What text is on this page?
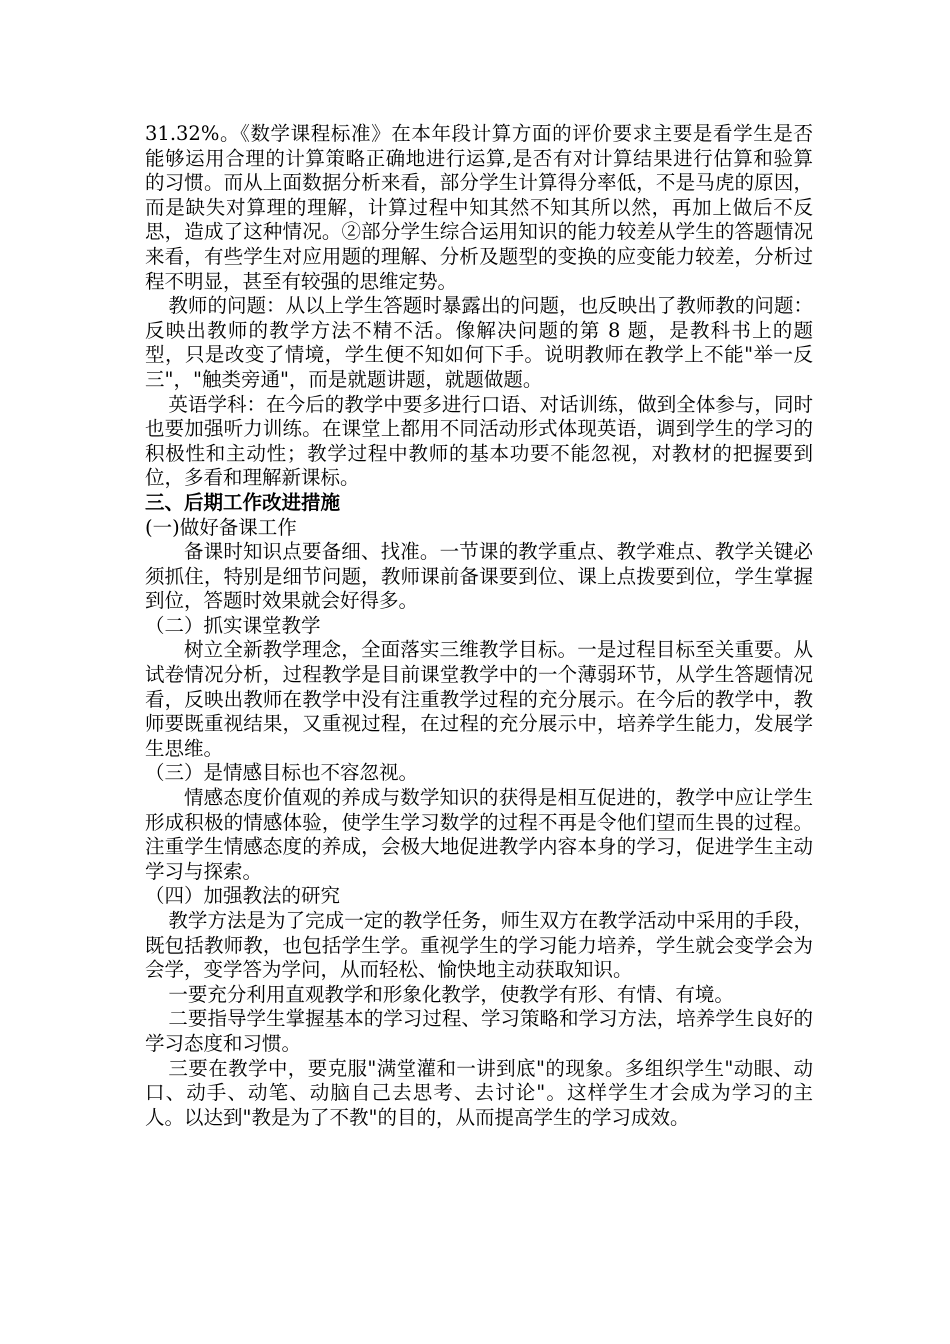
31.32%。《数学课程标准》在本年段计算方面的评价要求主要是看学生是否能够运用合理的计算策略正确地进行运算,是否有对计算结果进行估算和验算的习惯。而从上面数据分析来看，部分学生计算得分率低，不是马虎的原因，而是缺失对算理的理解，计算过程中知其然不知其所以然，再加上做后不反思，造成了这种情况。②部分学生综合运用知识的能力较差从学生的答题情况来看，有些学生对应用题的理解、分析及题型的变换的应变能力较差，分析过程不明显，甚至有较强的思维定势。

教师的问题：从以上学生答题时暴露出的问题，也反映出了教师教的问题：反映出教师的教学方法不精不活。像解决问题的第 8 题，是教科书上的题型，只是改变了情境，学生便不知如何下手。说明教师在教学上不能"举一反三"，"触类旁通"，而是就题讲题，就题做题。

英语学科：在今后的教学中要多进行口语、对话训练，做到全体参与，同时也要加强听力训练。在课堂上都用不同活动形式体现英语，调到学生的学习的积极性和主动性；教学过程中教师的基本功要不能忽视，对教材的把握要到位，多看和理解新课标。

三、后期工作改进措施

(一)做好备课工作

备课时知识点要备细、找准。一节课的教学重点、教学难点、教学关键必须抓住，特别是细节问题，教师课前备课要到位、课上点拨要到位，学生掌握到位，答题时效果就会好得多。

（二）抓实课堂教学

树立全新教学理念，全面落实三维教学目标。一是过程目标至关重要。从试卷情况分析，过程教学是目前课堂教学中的一个薄弱环节，从学生答题情况看，反映出教师在教学中没有注重教学过程的充分展示。在今后的教学中，教师要既重视结果，又重视过程，在过程的充分展示中，培养学生能力，发展学生思维。

（三）是情感目标也不容忽视。

情感态度价值观的养成与数学知识的获得是相互促进的，教学中应让学生形成积极的情感体验，使学生学习数学的过程不再是令他们望而生畏的过程。注重学生情感态度的养成，会极大地促进教学内容本身的学习，促进学生主动学习与探索。

（四）加强教法的研究

教学方法是为了完成一定的教学任务，师生双方在教学活动中采用的手段，既包括教师教，也包括学生学。重视学生的学习能力培养，学生就会变学会为会学，变学答为学问，从而轻松、愉快地主动获取知识。

一要充分利用直观教学和形象化教学，使教学有形、有情、有境。

二要指导学生掌握基本的学习过程、学习策略和学习方法，培养学生良好的学习态度和习惯。

三要在教学中，要克服"满堂灌和一讲到底"的现象。多组织学生"动眼、动口、动手、动笔、动脑自己去思考、去讨论"。这样学生才会成为学习的主人。以达到"教是为了不教"的目的，从而提高学生的学习成效。
